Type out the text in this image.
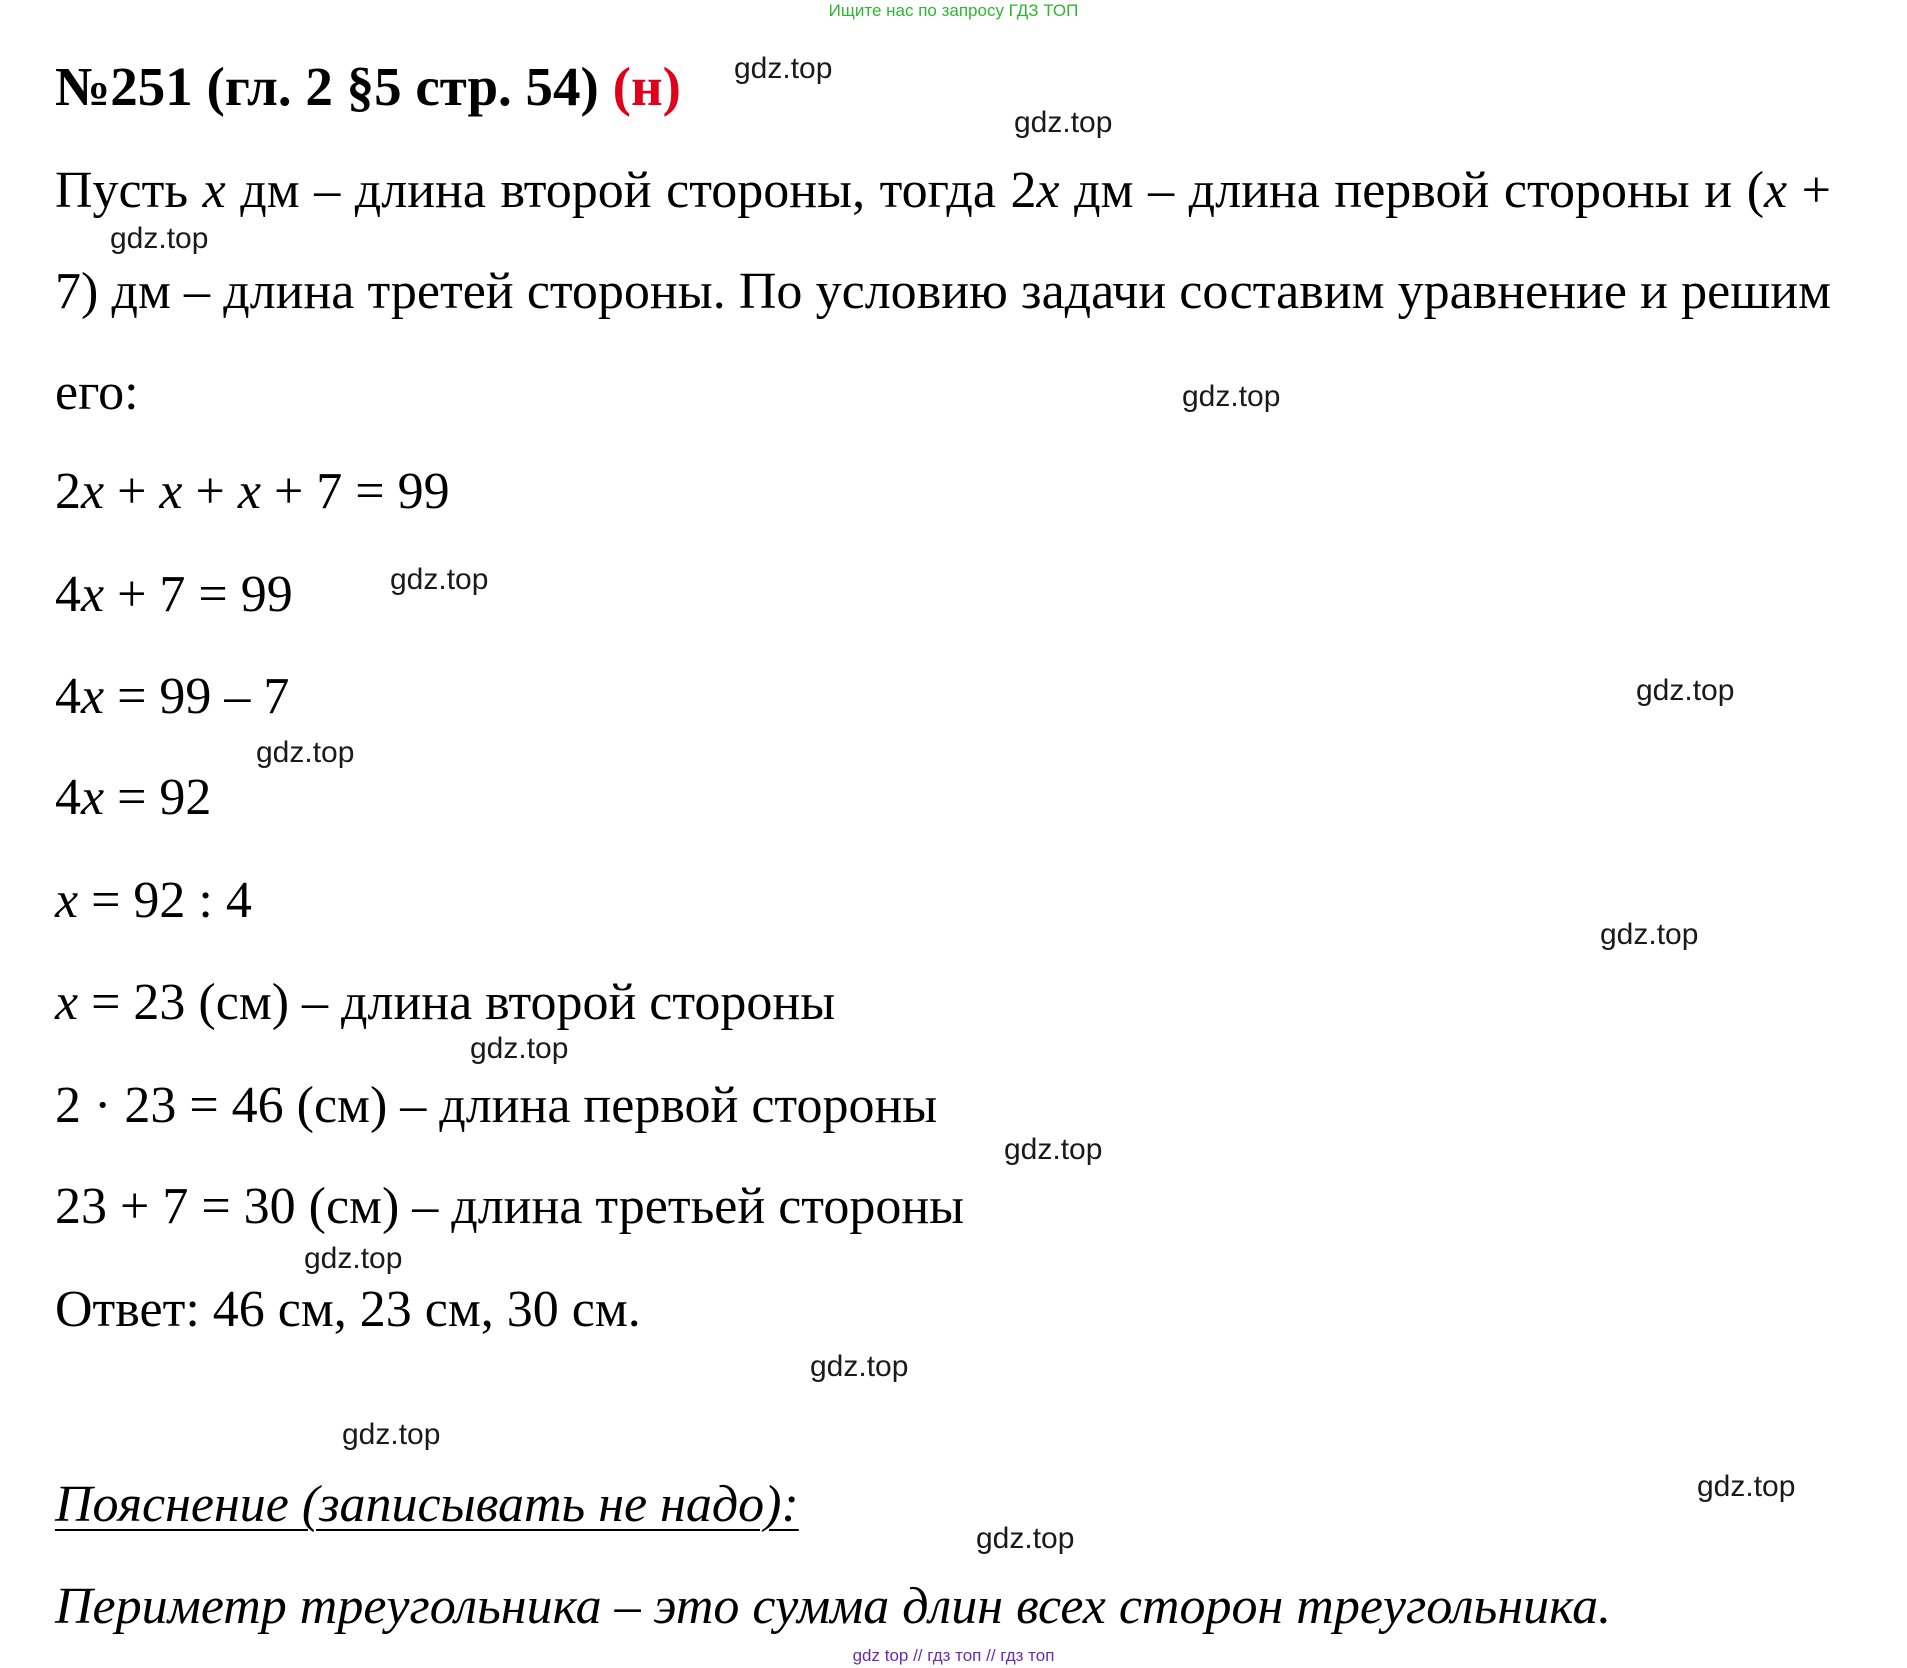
Ищите нас по запросу ГДЗ ТОП
№251 (гл. 2 §5 стр. 54) (н)
Пусть x дм – длина второй стороны, тогда 2x дм – длина первой стороны и (x + 7) дм – длина третей стороны. По условию задачи составим уравнение и решим его:
2x + x + x + 7 = 99
4x + 7 = 99
4x = 99 – 7
4x = 92
x = 92 : 4
x = 23 (см) – длина второй стороны
2 · 23 = 46 (см) – длина первой стороны
23 + 7 = 30 (см) – длина третьей стороны
Ответ: 46 см, 23 см, 30 см.
Пояснение (записывать не надо):
Периметр треугольника – это сумма длин всех сторон треугольника.
gdz.top
gdz.top
gdz.top
gdz.top
gdz.top
gdz.top
gdz.top
gdz.top
gdz.top
gdz.top
gdz.top
gdz.top
gdz.top
gdz.top
gdz.top
gdz top // гдз топ // гдз топ
